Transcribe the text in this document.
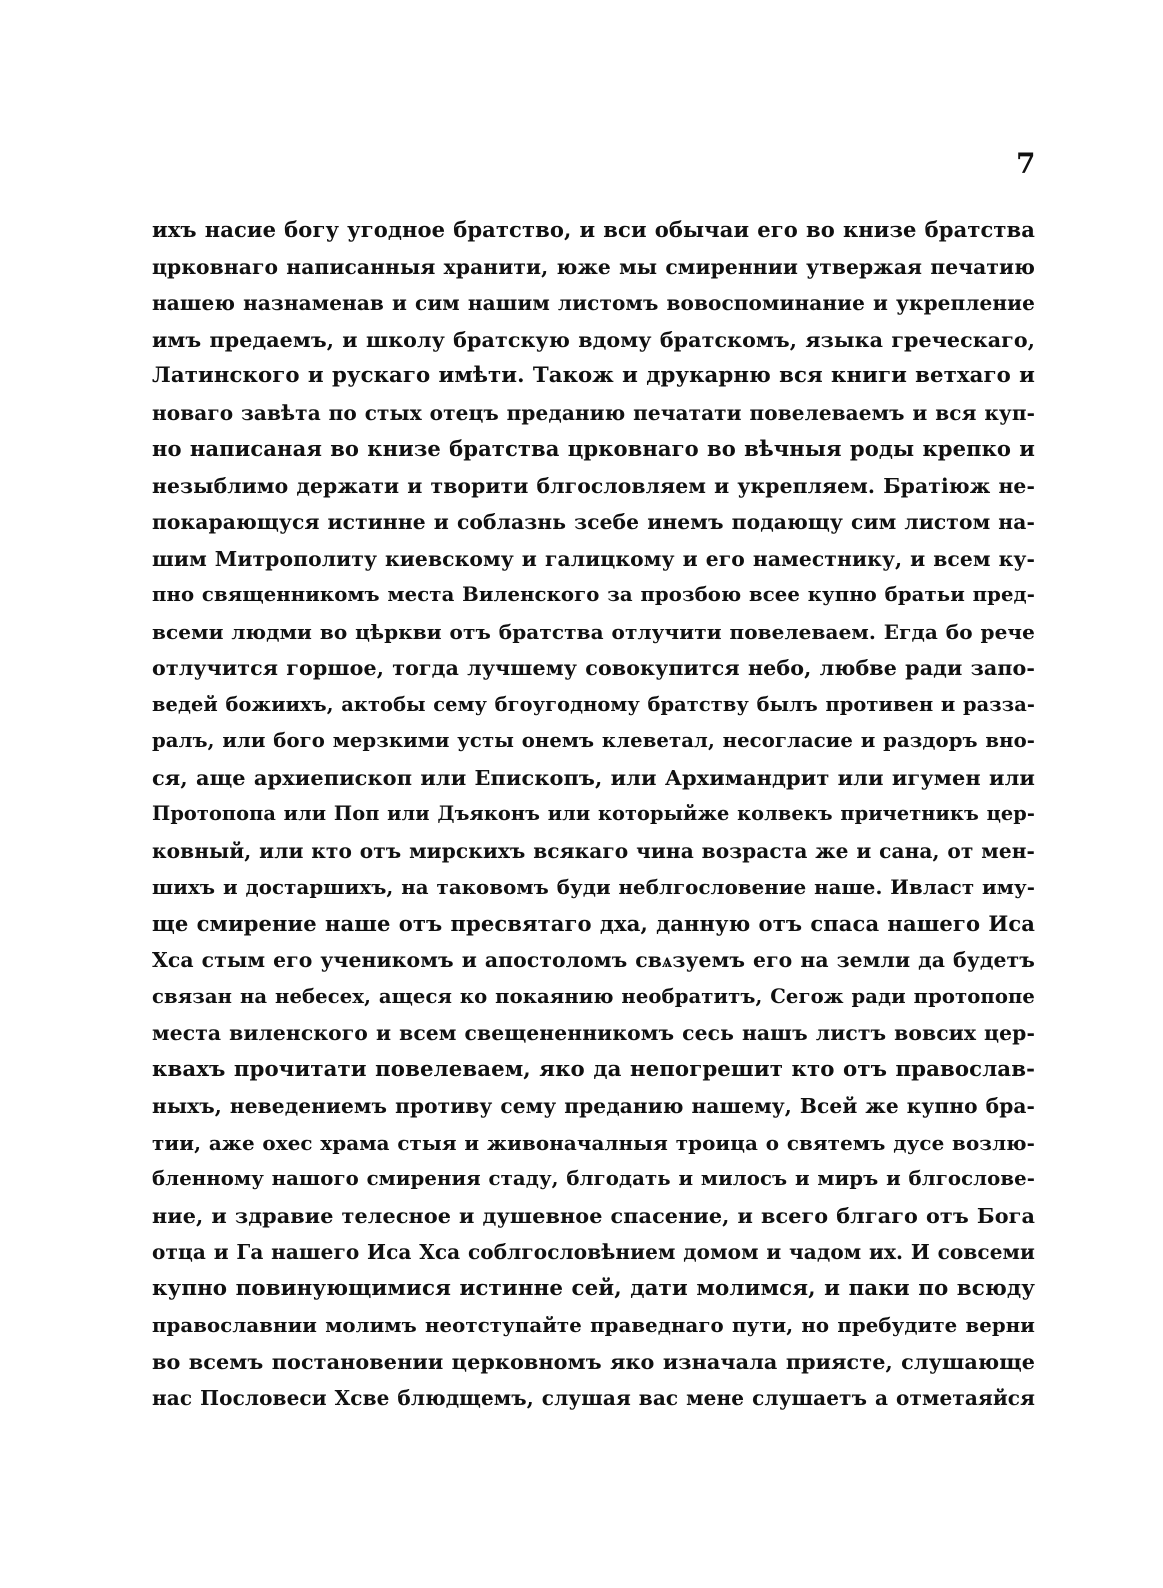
7
ихъ насие богу угодное братство, и вси обычаи его во книзе братства
црковнаго написанныя хранити, юже мы смиреннии утвержая печатию
нашею назнаменав и сим нашим листомъ вовоспоминание и укрепление
имъ предаемъ, и школу братскую вдому братскомъ, языка греческаго,
Латинского и рускаго имѣти. Також и друкарню вся книги ветхаго и
новаго завѣта по стых отецъ преданию печатати повелеваемъ и вся куп-
но написаная во книзе братства црковнаго во вѣчныя роды крепко и
незыблимо держати и творити блгословляем и укрепляем. Братiюж не-
покарающуся истинне и соблазнь зсебе инемъ подающу сим листом на-
шим Митрополиту киевскому и галицкому и его наместнику, и всем ку-
пно священникомъ места Виленского за прозбою всее купно братьи пред-
всеми людми во цѣркви отъ братства отлучити повелеваем. Егда бо рече
отлучится горшое, тогда лучшему совокупится небо, любве ради запо-
ведей божиихъ, актобы сему бгоугодному братству былъ противен и разза-
ралъ, или бого мерзкими усты онемъ клеветал, несогласие и раздоръ вно-
ся, аще архиепископ или Епископъ, или Архимандрит или игумен или
Протопопа или Поп или Дъяконъ или которыйже колвекъ причетникъ цер-
ковный, или кто отъ мирскихъ всякаго чина возраста же и сана, от мен-
шихъ и достаршихъ, на таковомъ буди неблгословение наше. Ивласт иму-
ще смирение наше отъ пресвятаго дха, данную отъ спаса нашего Иса
Хса стым его ученикомъ и апостоломъ свѧзуемъ его на земли да будетъ
связан на небесех, ащеся ко покаянию необратитъ, Сегож ради протопопе
места виленского и всем свещененникомъ сесь нашъ листъ вовсих цер-
квахъ прочитати повелеваем, яко да непогрешит кто отъ православ-
ныхъ, неведениемъ противу сему преданию нашему, Всей же купно бра-
тии, аже охес храма стыя и живоначалныя троица о святемъ дусе возлю-
бленному нашого смирения стаду, блгодать и милосъ и миръ и блгослове-
ние, и здравие телесное и душевное спасение, и всего блгаго отъ Бога
отца и Га нашего Иса Хса соблгословѣнием домом и чадом их. И совсеми
купно повинующимися истинне сей, дати молимся, и паки по всюду
православнии молимъ неотступайте праведнаго пути, но пребудите верни
во всемъ постановении церковномъ яко изначала приясте, слушающе
нас Пословеси Хсве блюдщемъ, слушая вас мене слушаетъ а отметаяйся
